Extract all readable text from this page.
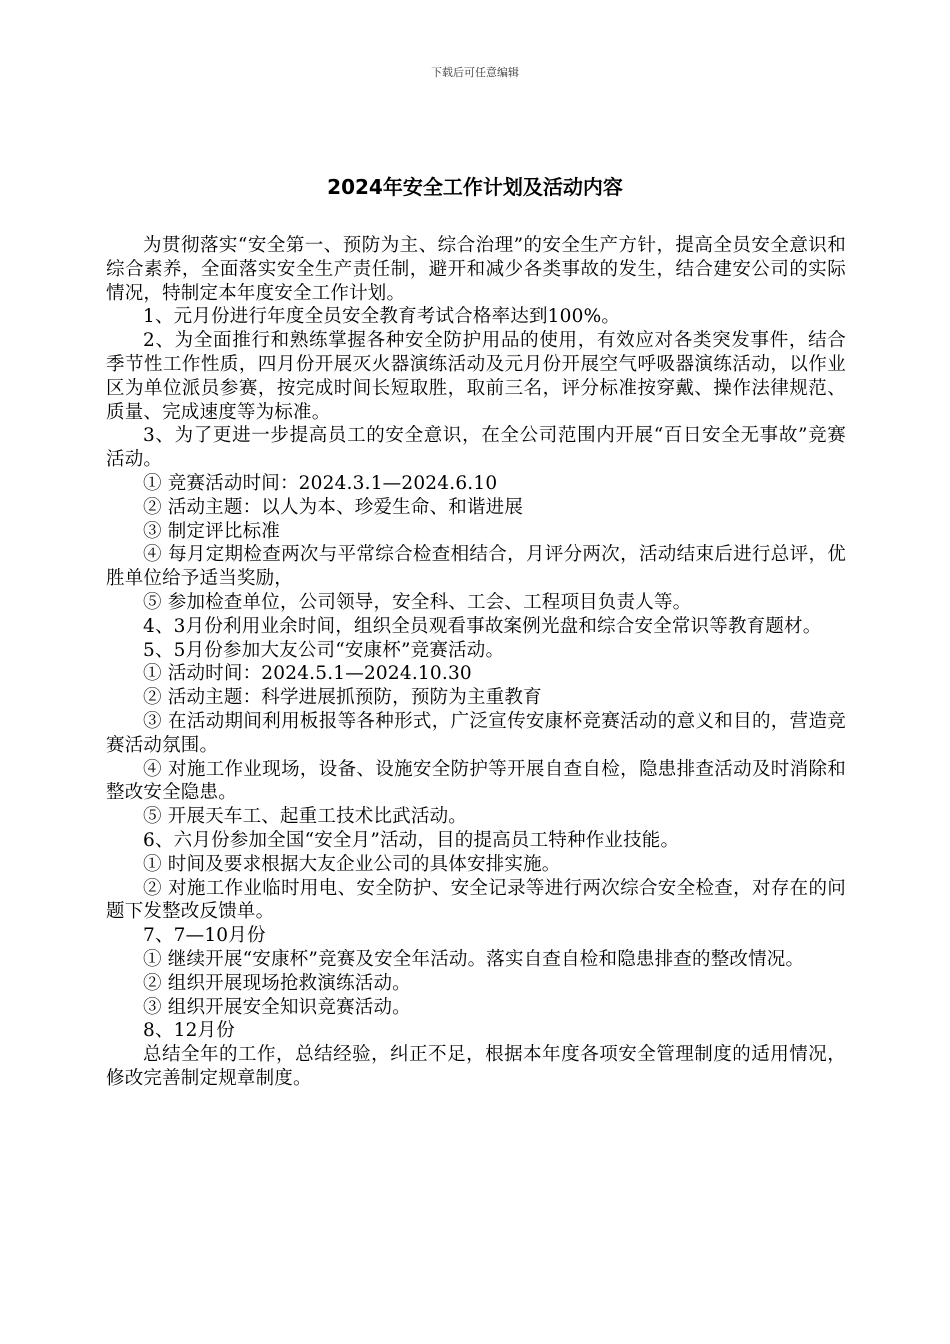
下载后可任意编辑
2024年安全工作计划及活动内容

为贯彻落实“安全第一、预防为主、综合治理”的安全生产方针，提高全员安全意识和综合素养，全面落实安全生产责任制，避开和减少各类事故的发生，结合建安公司的实际情况，特制定本年度安全工作计划。

1、元月份进行年度全员安全教育考试合格率达到100%。

2、为全面推行和熟练掌握各种安全防护用品的使用，有效应对各类突发事件，结合季节性工作性质，四月份开展灭火器演练活动及元月份开展空气呼吸器演练活动，以作业区为单位派员参赛，按完成时间长短取胜，取前三名，评分标准按穿戴、操作法律规范、质量、完成速度等为标准。

3、为了更进一步提高员工的安全意识，在全公司范围内开展“百日安全无事故”竞赛活动。

① 竞赛活动时间：2024.3.1—2024.6.10

② 活动主题：以人为本、珍爱生命、和谐进展

③ 制定评比标准

④ 每月定期检查两次与平常综合检查相结合，月评分两次，活动结束后进行总评，优胜单位给予适当奖励，

⑤ 参加检查单位，公司领导，安全科、工会、工程项目负责人等。

4、3月份利用业余时间，组织全员观看事故案例光盘和综合安全常识等教育题材。

5、5月份参加大友公司“安康杯”竞赛活动。

① 活动时间：2024.5.1—2024.10.30

② 活动主题：科学进展抓预防，预防为主重教育

③ 在活动期间利用板报等各种形式，广泛宣传安康杯竞赛活动的意义和目的，营造竞赛活动氛围。

④ 对施工作业现场，设备、设施安全防护等开展自查自检，隐患排查活动及时消除和整改安全隐患。

⑤ 开展天车工、起重工技术比武活动。

6、六月份参加全国“安全月”活动，目的提高员工特种作业技能。

① 时间及要求根据大友企业公司的具体安排实施。

② 对施工作业临时用电、安全防护、安全记录等进行两次综合安全检查，对存在的问题下发整改反馈单。

7、7—10月份

① 继续开展“安康杯”竞赛及安全年活动。落实自查自检和隐患排查的整改情况。

② 组织开展现场抢救演练活动。

③ 组织开展安全知识竞赛活动。

8、12月份

总结全年的工作，总结经验，纠正不足，根据本年度各项安全管理制度的适用情况，修改完善制定规章制度。
